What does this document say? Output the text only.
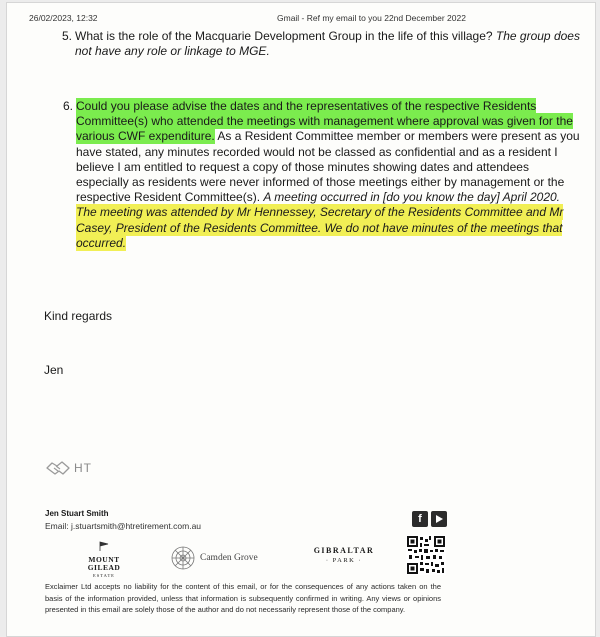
26/02/2023, 12:32	Gmail - Ref my email to you 22nd December 2022

5. What is the role of the Macquarie Development Group in the life of this village? The group does not have any role or linkage to MGE.

6. Could you please advise the dates and the representatives of the respective Residents Committee(s) who attended the meetings with management where approval was given for the various CWF expenditure. As a Resident Committee member or members were present as you have stated, any minutes recorded would not be classed as confidential and as a resident I believe I am entitled to request a copy of those minutes showing dates and attendees especially as residents were never informed of those meetings either by management or the respective Resident Committee(s). A meeting occurred in [do you know the day] April 2020. The meeting was attended by Mr Hennessey, Secretary of the Residents Committee and Mr Casey, President of the Residents Committee. We do not have minutes of the meetings that occurred.

Kind regards
Jen
HT
Jen Stuart Smith
Email: j.stuartsmith@htretirement.com.au
f
MOUNT
GILEAD
ESTATE
Camden Grove
GIBRALTAR
· PARK ·
Exclaimer Ltd accepts no liability for the content of this email, or for the consequences of any actions taken on the basis of the information provided, unless that information is subsequently confirmed in writing. Any views or opinions presented in this email are solely those of the author and do not necessarily represent those of the company.
